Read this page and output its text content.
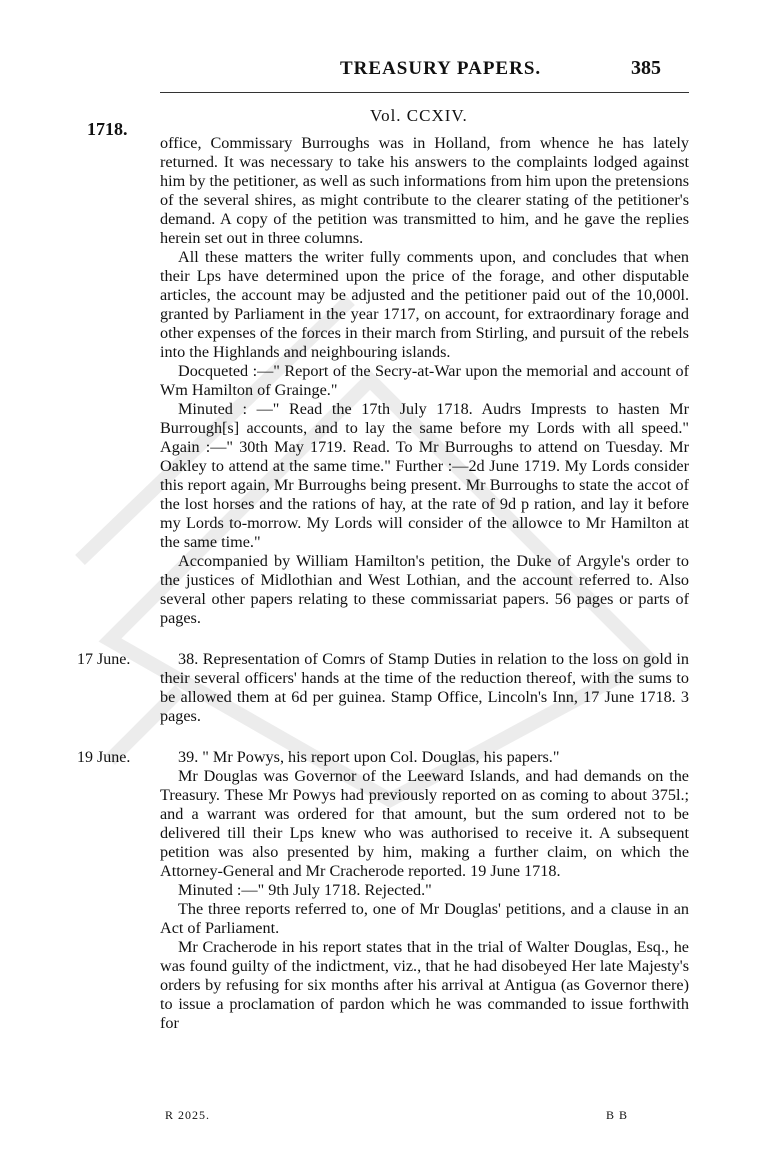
TREASURY PAPERS.	385
Vol. CCXIV.
1718.

office, Commissary Burroughs was in Holland, from whence he has lately returned. It was necessary to take his answers to the complaints lodged against him by the petitioner, as well as such informations from him upon the pretensions of the several shires, as might contribute to the clearer stating of the petitioner's demand. A copy of the petition was transmitted to him, and he gave the replies herein set out in three columns.

All these matters the writer fully comments upon, and concludes that when their Lps have determined upon the price of the forage, and other disputable articles, the account may be adjusted and the petitioner paid out of the 10,000l. granted by Parliament in the year 1717, on account, for extraordinary forage and other expenses of the forces in their march from Stirling, and pursuit of the rebels into the Highlands and neighbouring islands.

Docqueted :—" Report of the Secry-at-War upon the memorial and account of Wm Hamilton of Grainge."

Minuted : —" Read the 17th July 1718. Audrs Imprests to hasten Mr Burrough[s] accounts, and to lay the same before my Lords with all speed." Again :—" 30th May 1719. Read. To Mr Burroughs to attend on Tuesday. Mr Oakley to attend at the same time." Further :—2d June 1719. My Lords consider this report again, Mr Burroughs being present. Mr Burroughs to state the accot of the lost horses and the rations of hay, at the rate of 9d p ration, and lay it before my Lords to-morrow. My Lords will consider of the allowce to Mr Hamilton at the same time."

Accompanied by William Hamilton's petition, the Duke of Argyle's order to the justices of Midlothian and West Lothian, and the account referred to. Also several other papers relating to these commissariat papers. 56 pages or parts of pages.

17 June.	38. Representation of Comrs of Stamp Duties in relation to the loss on gold in their several officers' hands at the time of the reduction thereof, with the sums to be allowed them at 6d per guinea. Stamp Office, Lincoln's Inn, 17 June 1718. 3 pages.

19 June.	39. " Mr Powys, his report upon Col. Douglas, his papers."

Mr Douglas was Governor of the Leeward Islands, and had demands on the Treasury. These Mr Powys had previously reported on as coming to about 375l.; and a warrant was ordered for that amount, but the sum ordered not to be delivered till their Lps knew who was authorised to receive it. A subsequent petition was also presented by him, making a further claim, on which the Attorney-General and Mr Cracherode reported. 19 June 1718.

Minuted :—" 9th July 1718. Rejected."

The three reports referred to, one of Mr Douglas' petitions, and a clause in an Act of Parliament.

Mr Cracherode in his report states that in the trial of Walter Douglas, Esq., he was found guilty of the indictment, viz., that he had disobeyed Her late Majesty's orders by refusing for six months after his arrival at Antigua (as Governor there) to issue a proclamation of pardon which he was commanded to issue forthwith for

R 2025.	B B
